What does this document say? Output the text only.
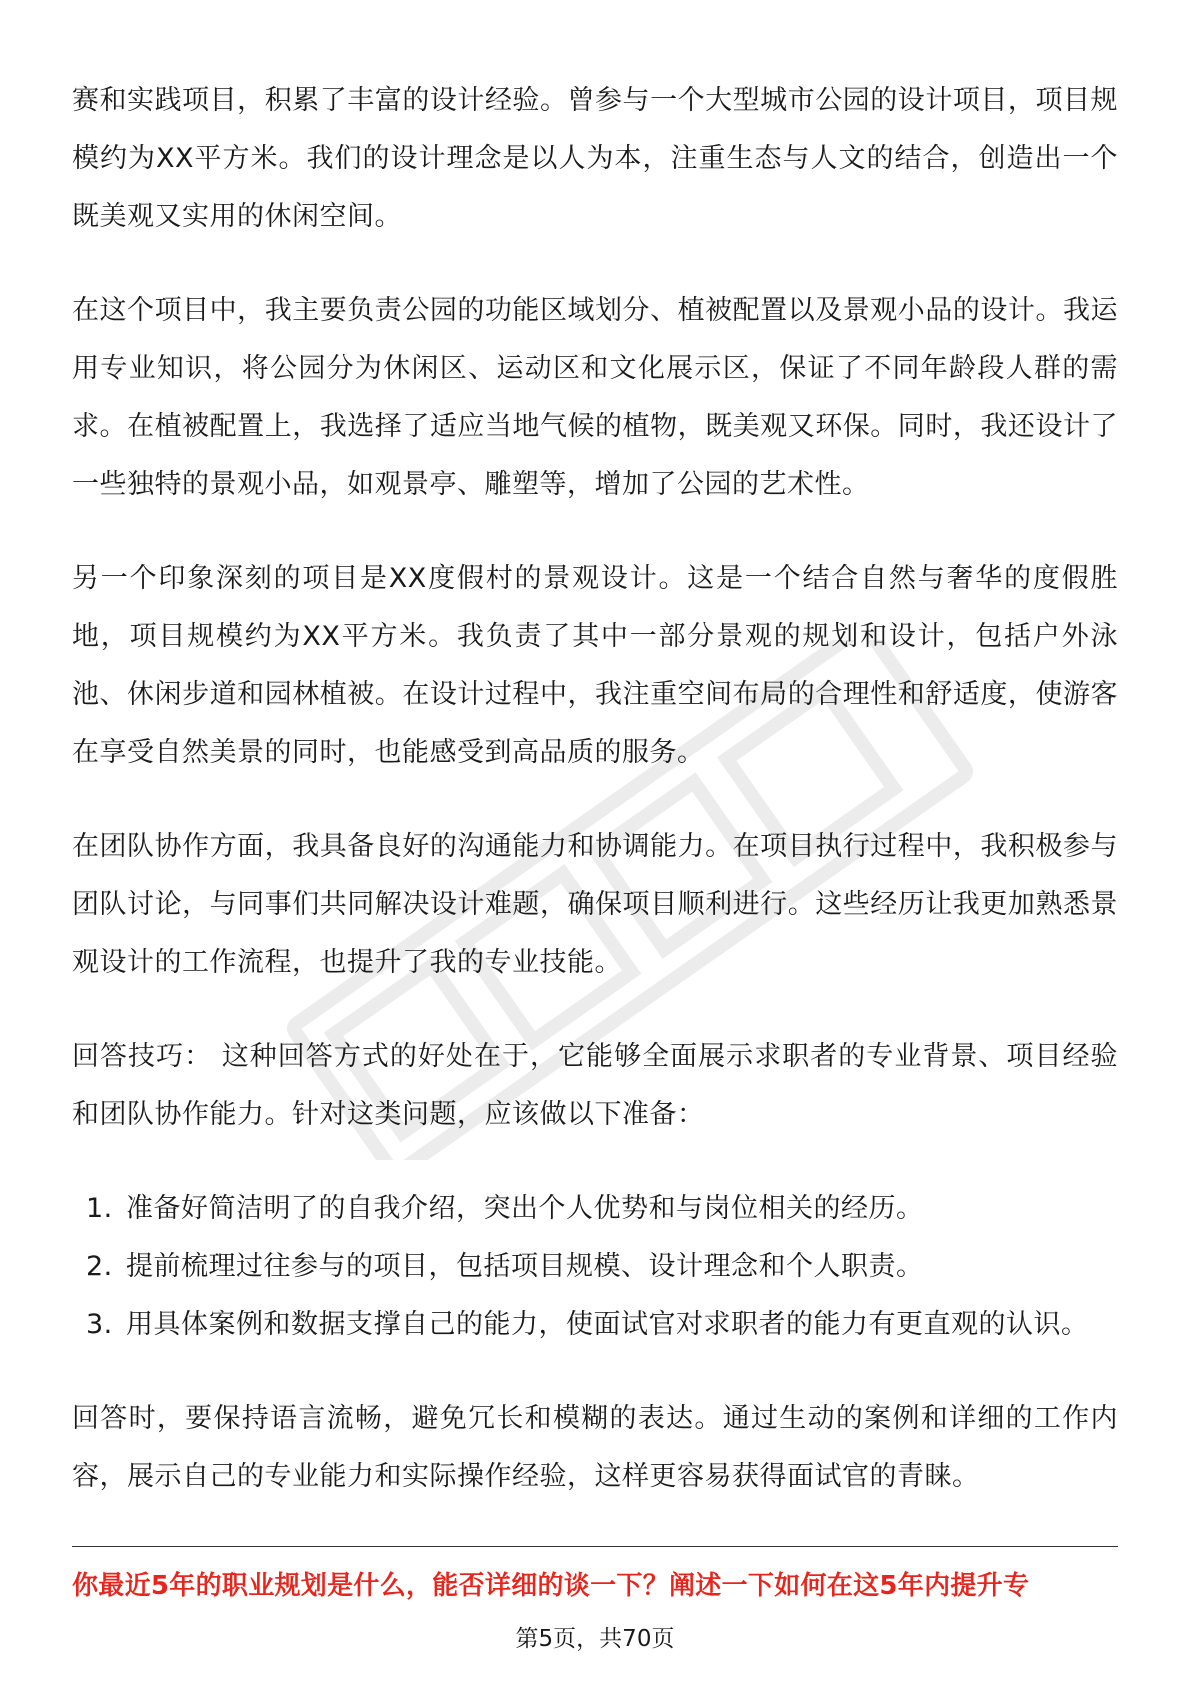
赛和实践项目，积累了丰富的设计经验。曾参与一个大型城市公园的设计项目，项目规模约为XX平方米。我们的设计理念是以人为本，注重生态与人文的结合，创造出一个既美观又实用的休闲空间。

在这个项目中，我主要负责公园的功能区域划分、植被配置以及景观小品的设计。我运用专业知识，将公园分为休闲区、运动区和文化展示区，保证了不同年龄段人群的需求。在植被配置上，我选择了适应当地气候的植物，既美观又环保。同时，我还设计了一些独特的景观小品，如观景亭、雕塑等，增加了公园的艺术性。

另一个印象深刻的项目是XX度假村的景观设计。这是一个结合自然与奢华的度假胜地，项目规模约为XX平方米。我负责了其中一部分景观的规划和设计，包括户外泳池、休闲步道和园林植被。在设计过程中，我注重空间布局的合理性和舒适度，使游客在享受自然美景的同时，也能感受到高品质的服务。

在团队协作方面，我具备良好的沟通能力和协调能力。在项目执行过程中，我积极参与团队讨论，与同事们共同解决设计难题，确保项目顺利进行。这些经历让我更加熟悉景观设计的工作流程，也提升了我的专业技能。

回答技巧： 这种回答方式的好处在于，它能够全面展示求职者的专业背景、项目经验和团队协作能力。针对这类问题，应该做以下准备：

1. 准备好简洁明了的自我介绍，突出个人优势和与岗位相关的经历。
2. 提前梳理过往参与的项目，包括项目规模、设计理念和个人职责。
3. 用具体案例和数据支撑自己的能力，使面试官对求职者的能力有更直观的认识。

回答时，要保持语言流畅，避免冗长和模糊的表达。通过生动的案例和详细的工作内容，展示自己的专业能力和实际操作经验，这样更容易获得面试官的青睐。

你最近5年的职业规划是什么，能否详细的谈一下？阐述一下如何在这5年内提升专
第5页，共70页
